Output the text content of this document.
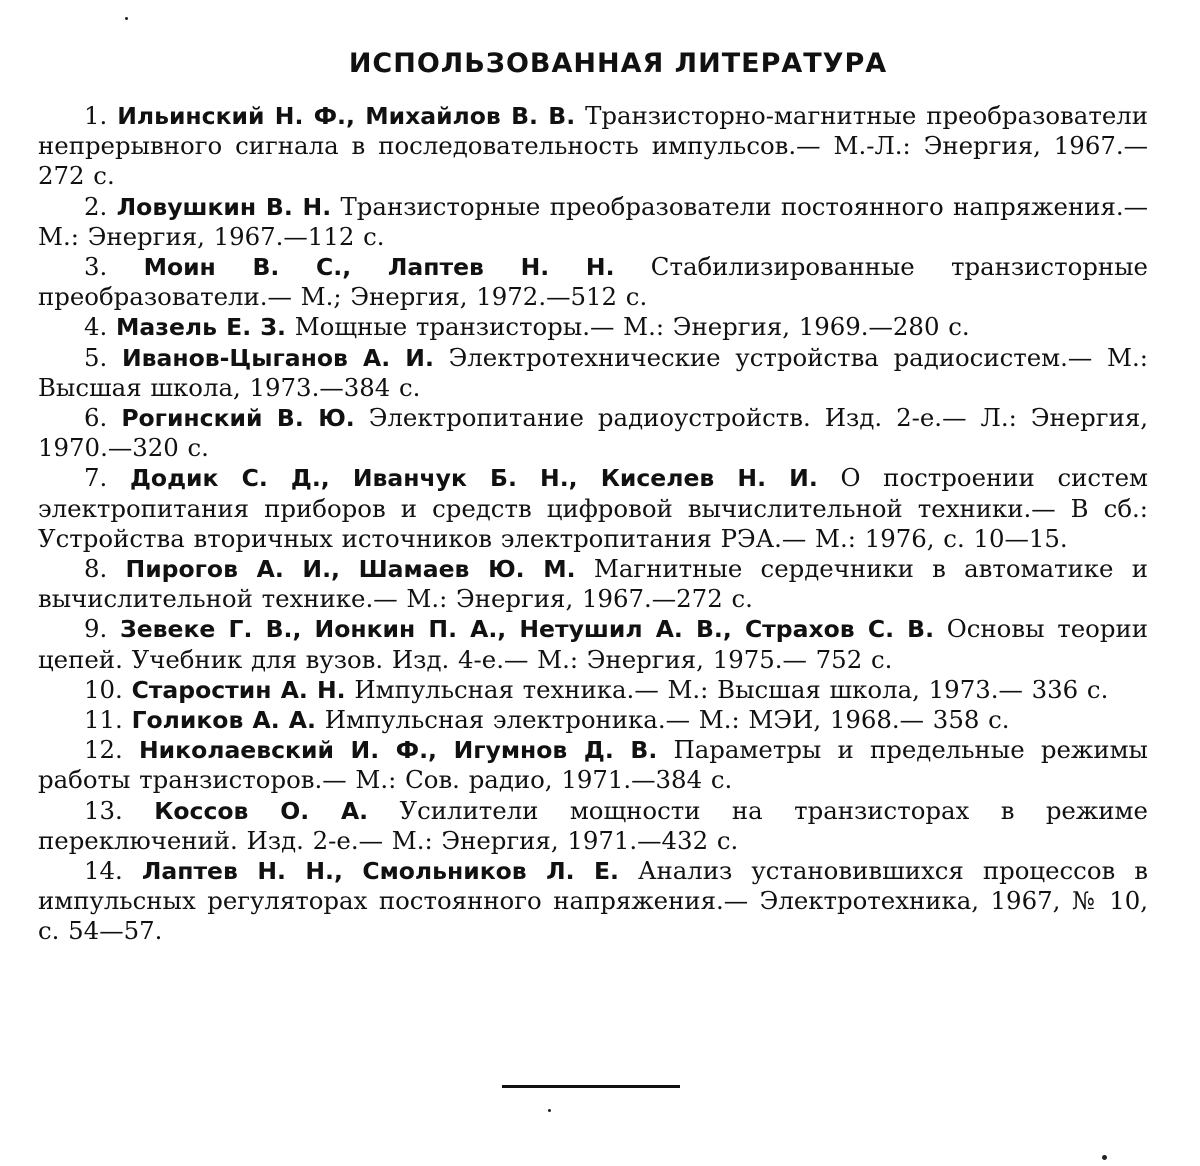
ИСПОЛЬЗОВАННАЯ ЛИТЕРАТУРА
1. Ильинский Н. Ф., Михайлов В. В. Транзисторно-магнитные преобразователи непрерывного сигнала в последовательность импульсов.— М.-Л.: Энергия, 1967.—272 с.
2. Ловушкин В. Н. Транзисторные преобразователи постоянного напряжения.— М.: Энергия, 1967.—112 с.
3. Моин В. С., Лаптев Н. Н. Стабилизированные транзисторные преобразователи.— М.; Энергия, 1972.—512 с.
4. Мазель Е. З. Мощные транзисторы.— М.: Энергия, 1969.—280 с.
5. Иванов-Цыганов А. И. Электротехнические устройства радиосистем.— М.: Высшая школа, 1973.—384 с.
6. Рогинский В. Ю. Электропитание радиоустройств. Изд. 2-е.— Л.: Энергия, 1970.—320 с.
7. Додик С. Д., Иванчук Б. Н., Киселев Н. И. О построении систем электропитания приборов и средств цифровой вычислительной техники.— В сб.: Устройства вторичных источников электропитания РЭА.— М.: 1976, с. 10—15.
8. Пирогов А. И., Шамаев Ю. М. Магнитные сердечники в автоматике и вычислительной технике.— М.: Энергия, 1967.—272 с.
9. Зевеке Г. В., Ионкин П. А., Нетушил А. В., Страхов С. В. Основы теории цепей. Учебник для вузов. Изд. 4-е.— М.: Энергия, 1975.— 752 с.
10. Старостин А. Н. Импульсная техника.— М.: Высшая школа, 1973.— 336 с.
11. Голиков А. А. Импульсная электроника.— М.: МЭИ, 1968.— 358 с.
12. Николаевский И. Ф., Игумнов Д. В. Параметры и предельные режимы работы транзисторов.— М.: Сов. радио, 1971.—384 с.
13. Коссов О. А. Усилители мощности на транзисторах в режиме переключений. Изд. 2-е.— М.: Энергия, 1971.—432 с.
14. Лаптев Н. Н., Смольников Л. Е. Анализ установившихся процессов в импульсных регуляторах постоянного напряжения.— Электротехника, 1967, № 10, с. 54—57.
